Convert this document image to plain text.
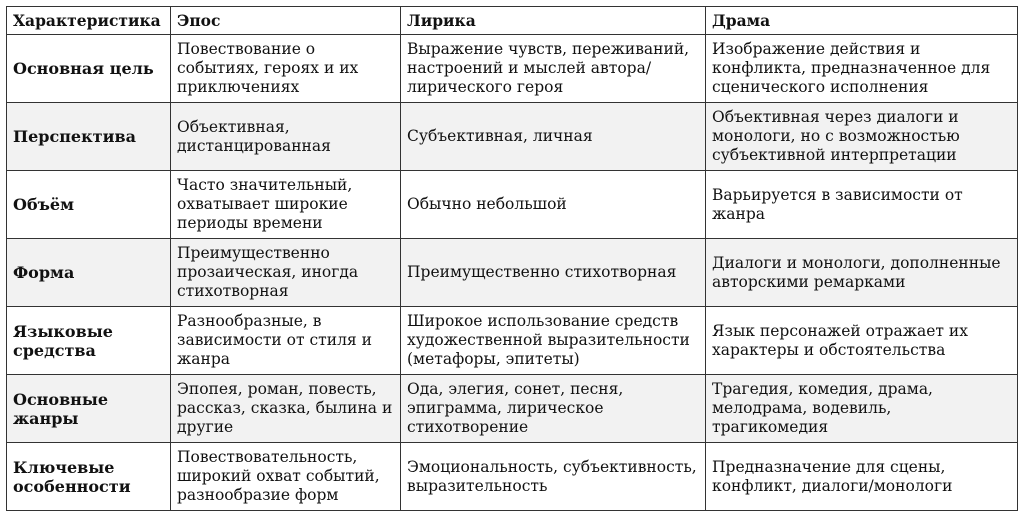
Характеристика	Эпос	Лирика	Драма
Основная цель	Повествование о событиях, героях и их приключениях	Выражение чувств, переживаний, настроений и мыслей автора/лирического героя	Изображение действия и конфликта, предназначенное для сценического исполнения
Перспектива	Объективная, дистанцированная	Субъективная, личная	Объективная через диалоги и монологи, но с возможностью субъективной интерпретации
Объём	Часто значительный, охватывает широкие периоды времени	Обычно небольшой	Варьируется в зависимости от жанра
Форма	Преимущественно прозаическая, иногда стихотворная	Преимущественно стихотворная	Диалоги и монологи, дополненные авторскими ремарками
Языковые средства	Разнообразные, в зависимости от стиля и жанра	Широкое использование средств художественной выразительности (метафоры, эпитеты)	Язык персонажей отражает их характеры и обстоятельства
Основные жанры	Эпопея, роман, повесть, рассказ, сказка, былина и другие	Ода, элегия, сонет, песня, эпиграмма, лирическое стихотворение	Трагедия, комедия, драма, мелодрама, водевиль, трагикомедия
Ключевые особенности	Повествовательность, широкий охват событий, разнообразие форм	Эмоциональность, субъективность, выразительность	Предназначение для сцены, конфликт, диалоги/монологи
